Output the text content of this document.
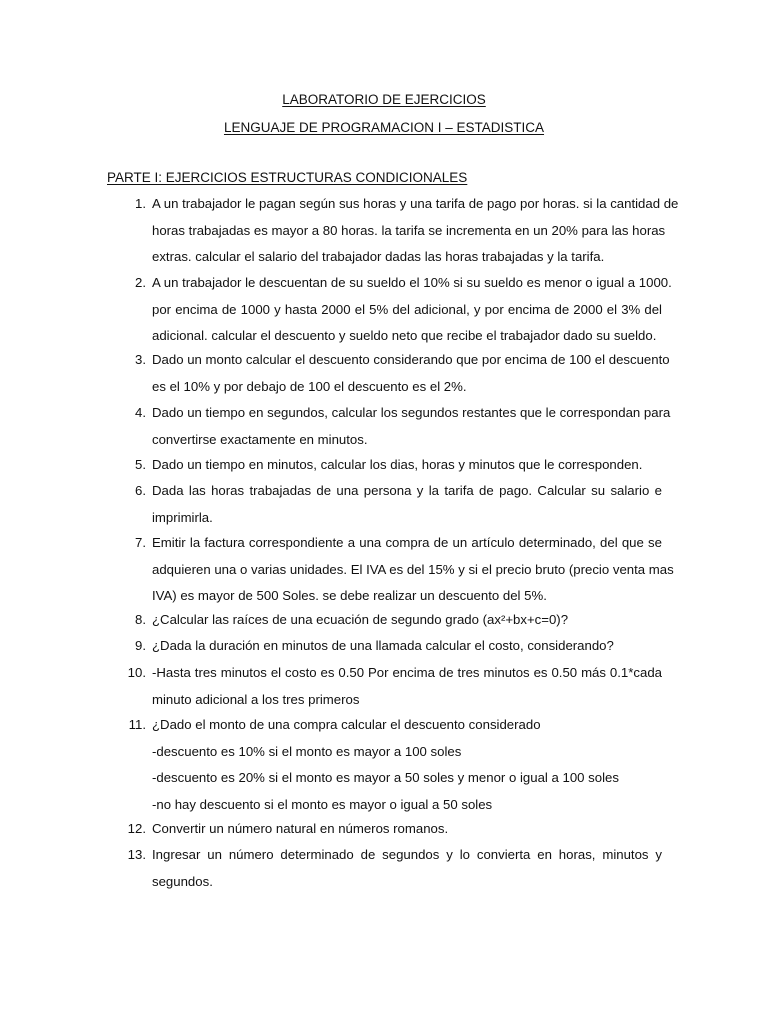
LABORATORIO DE EJERCICIOS
LENGUAJE DE PROGRAMACION I – ESTADISTICA
PARTE I: EJERCICIOS ESTRUCTURAS CONDICIONALES
1. A un trabajador le pagan según sus horas y una tarifa de pago por horas. si la cantidad de
horas trabajadas es mayor a 80 horas. la tarifa se incrementa en un 20% para las horas
extras. calcular el salario del trabajador dadas las horas trabajadas y la tarifa.
2. A un trabajador le descuentan de su sueldo el 10% si su sueldo es menor o igual a 1000.
por encima de 1000 y hasta 2000 el 5% del adicional, y por encima de 2000 el 3% del
adicional. calcular el descuento y sueldo neto que recibe el trabajador dado su sueldo.
3. Dado un monto calcular el descuento considerando que por encima de 100 el descuento
es el 10% y por debajo de 100 el descuento es el 2%.
4. Dado un tiempo en segundos, calcular los segundos restantes que le correspondan para
convertirse exactamente en minutos.
5. Dado un tiempo en minutos, calcular los dias, horas y minutos que le corresponden.
6. Dada las horas trabajadas de una persona y la tarifa de pago. Calcular su salario e
imprimirla.
7. Emitir la factura correspondiente a una compra de un artículo determinado, del que se
adquieren una o varias unidades. El IVA es del 15% y si el precio bruto (precio venta mas
IVA) es mayor de 500 Soles. se debe realizar un descuento del 5%.
8. ¿Calcular las raíces de una ecuación de segundo grado (ax²+bx+c=0)?
9. ¿Dada la duración en minutos de una llamada calcular el costo, considerando?
10. -Hasta tres minutos el costo es 0.50 Por encima de tres minutos es 0.50 más 0.1*cada
minuto adicional a los tres primeros
11. ¿Dado el monto de una compra calcular el descuento considerado
-descuento es 10% si el monto es mayor a 100 soles
-descuento es 20% si el monto es mayor a 50 soles y menor o igual a 100 soles
-no hay descuento si el monto es mayor o igual a 50 soles
12. Convertir un número natural en números romanos.
13. Ingresar un número determinado de segundos y lo convierta en horas, minutos y
segundos.
